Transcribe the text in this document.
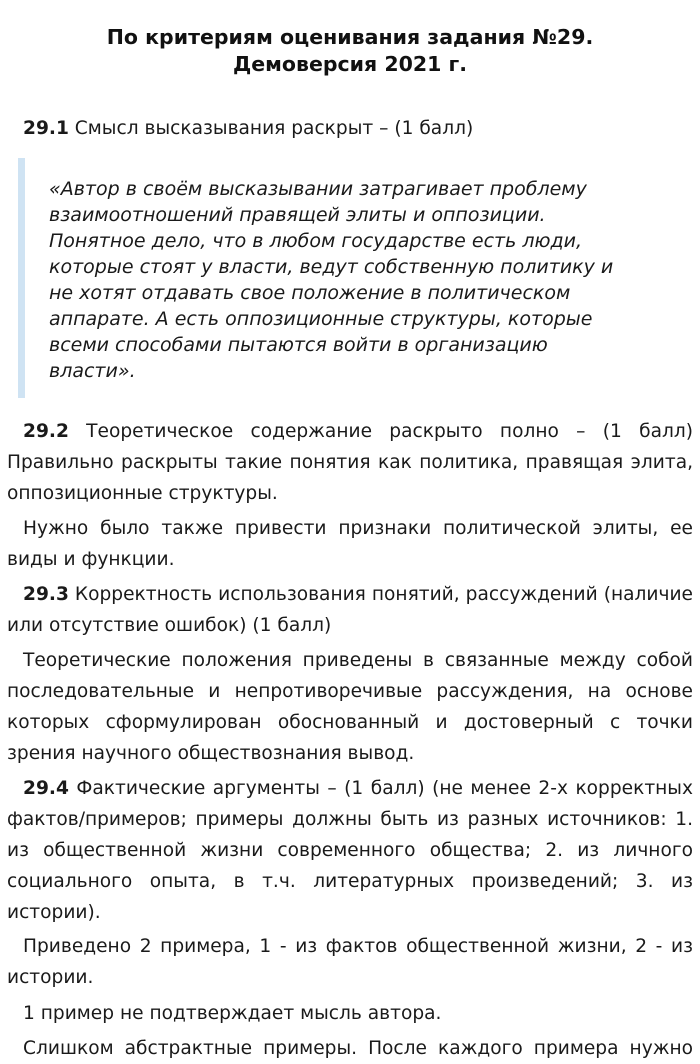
По критериям оценивания задания №29.
Демоверсия 2021 г.
29.1 Смысл высказывания раскрыт – (1 балл)
«Автор в своём высказывании затрагивает проблему взаимоотношений правящей элиты и оппозиции. Понятное дело, что в любом государстве есть люди, которые стоят у власти, ведут собственную политику и не хотят отдавать свое положение в политическом аппарате. А есть оппозиционные структуры, которые всеми способами пытаются войти в организацию власти».
29.2 Теоретическое содержание раскрыто полно – (1 балл) Правильно раскрыты такие понятия как политика, правящая элита, оппозиционные структуры.
Нужно было также привести признаки политической элиты, ее виды и функции.
29.3 Корректность использования понятий, рассуждений (наличие или отсутствие ошибок) (1 балл)
Теоретические положения приведены в связанные между собой последовательные и непротиворечивые рассуждения, на основе которых сформулирован обоснованный и достоверный с точки зрения научного обществознания вывод.
29.4 Фактические аргументы – (1 балл) (не менее 2-х корректных фактов/примеров; примеры должны быть из разных источников: 1. из общественной жизни современного общества; 2. из личного социального опыта, в т.ч. литературных произведений; 3. из истории).
Приведено 2 примера, 1 - из фактов общественной жизни, 2 - из истории.
1 пример не подтверждает мысль автора.
Слишком абстрактные примеры. После каждого примера нужно
